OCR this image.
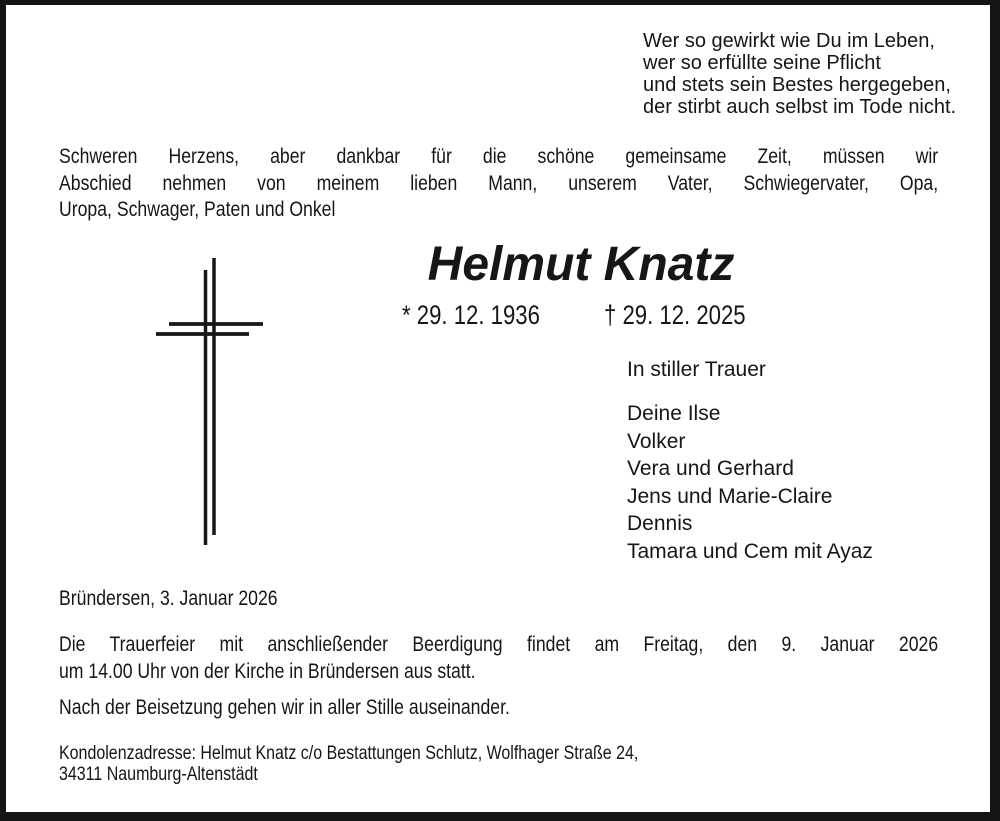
Wer so gewirkt wie Du im Leben,
wer so erfüllte seine Pflicht
und stets sein Bestes hergegeben,
der stirbt auch selbst im Tode nicht.
Schweren Herzens, aber dankbar für die schöne gemeinsame Zeit, müssen wir
Abschied nehmen von meinem lieben Mann, unserem Vater, Schwiegervater, Opa,
Uropa, Schwager, Paten und Onkel
Helmut Knatz
* 29. 12. 1936 † 29. 12. 2025
In stiller Trauer
Deine Ilse
Volker
Vera und Gerhard
Jens und Marie-Claire
Dennis
Tamara und Cem mit Ayaz
Bründersen, 3. Januar 2026
Die Trauerfeier mit anschließender Beerdigung findet am Freitag, den 9. Januar 2026
um 14.00 Uhr von der Kirche in Bründersen aus statt.
Nach der Beisetzung gehen wir in aller Stille auseinander.
Kondolenzadresse: Helmut Knatz c/o Bestattungen Schlutz, Wolfhager Straße 24,
34311 Naumburg-Altenstädt
